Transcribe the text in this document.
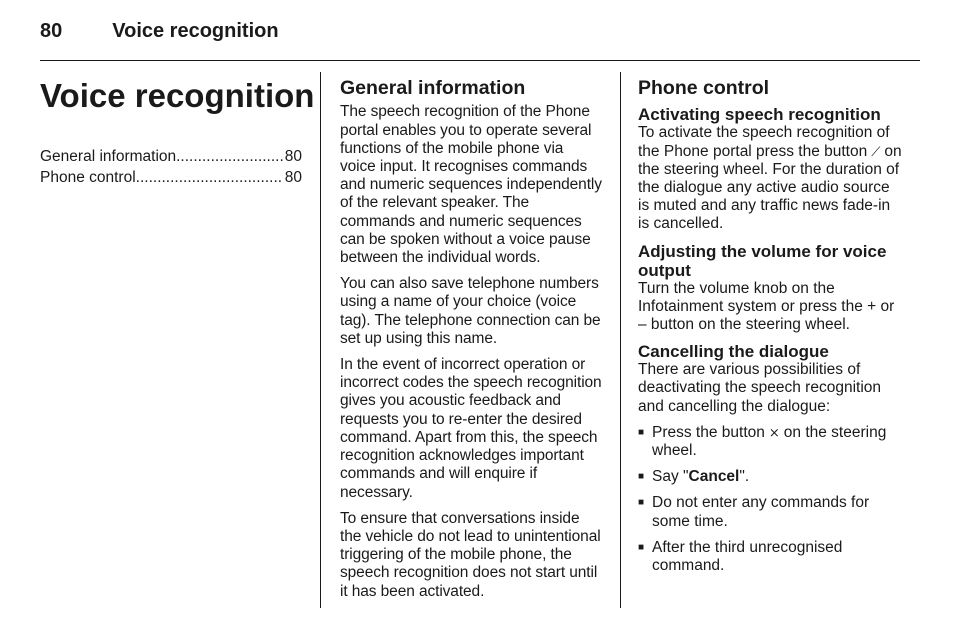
80	Voice recognition
Voice recognition
General information .....	80
Phone control .....	80
General information

The speech recognition of the Phone portal enables you to operate several functions of the mobile phone via voice input. It recognises commands and numeric sequences independently of the relevant speaker. The commands and numeric sequences can be spoken without a voice pause between the individual words.

You can also save telephone numbers using a name of your choice (voice tag). The telephone connection can be set up using this name.

In the event of incorrect operation or incorrect codes the speech recognition gives you acoustic feedback and requests you to re-enter the desired command. Apart from this, the speech recognition acknowledges important commands and will enquire if necessary.

To ensure that conversations inside the vehicle do not lead to unintentional triggering of the mobile phone, the speech recognition does not start until it has been activated.

Phone control
Activating speech recognition

To activate the speech recognition of the Phone portal press the button ⟋ on the steering wheel. For the duration of the dialogue any active audio source is muted and any traffic news fade-in is cancelled.

Adjusting the volume for voice output

Turn the volume knob on the Infotainment system or press the + or – button on the steering wheel.

Cancelling the dialogue

There are various possibilities of deactivating the speech recognition and cancelling the dialogue:

■ Press the button ⨯ on the steering wheel.
■ Say "Cancel".
■ Do not enter any commands for some time.
■ After the third unrecognised command.
